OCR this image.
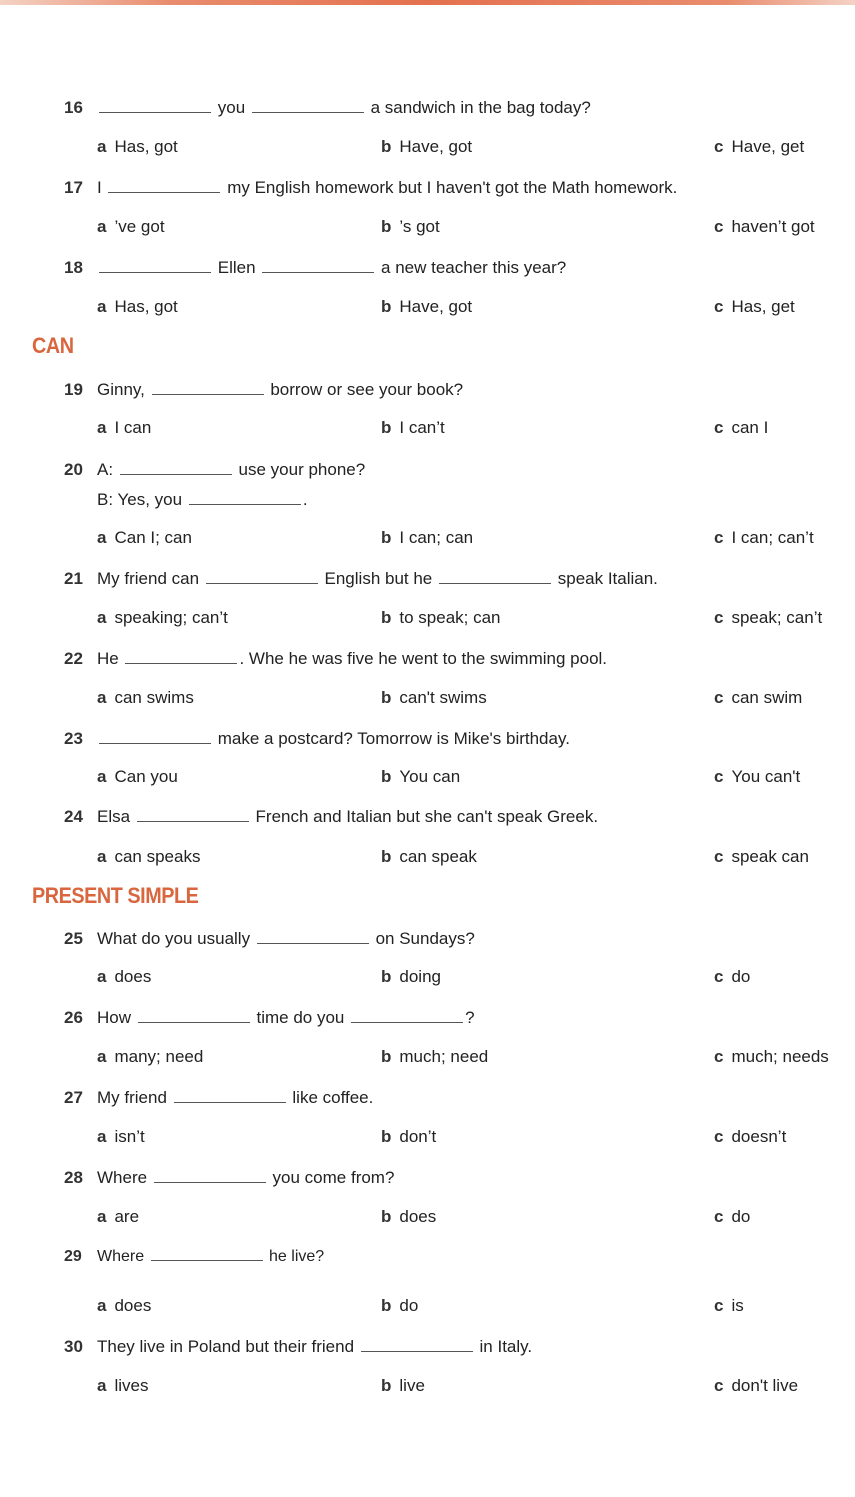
16	you	a sandwich in the bag today?
a Has, got	b Have, got	c Have, get
17 I	my English homework but I haven't got the Math homework.
a ’ve got	b ’s got	c haven’t got
18	Ellen	a new teacher this year?
a Has, got	b Have, got	c Has, get
CAN
19 Ginny,	borrow or see your book?
a I can	b I can’t	c can I
20 A:	use your phone?
B: Yes, you	.
a Can I; can	b I can; can	c I can; can’t
21 My friend can	English but he	speak Italian.
a speaking; can’t	b to speak; can	c speak; can’t
22 He	. Whe he was five he went to the swimming pool.
a can swims	b can't swims	c can swim
23	make a postcard? Tomorrow is Mike's birthday.
a Can you	b You can	c You can't
24 Elsa	French and Italian but she can't speak Greek.
a can speaks	b can speak	c speak can
PRESENT SIMPLE
25 What do you usually	on Sundays?
a does	b doing	c do
26 How	time do you	?
a many; need	b much; need	c much; needs
27 My friend	like coffee.
a isn’t	b don’t	c doesn’t
28 Where	you come from?
a are	b does	c do
29 Where	he live?
a does	b do	c is
30 They live in Poland but their friend	in Italy.
a lives	b live	c don't live
